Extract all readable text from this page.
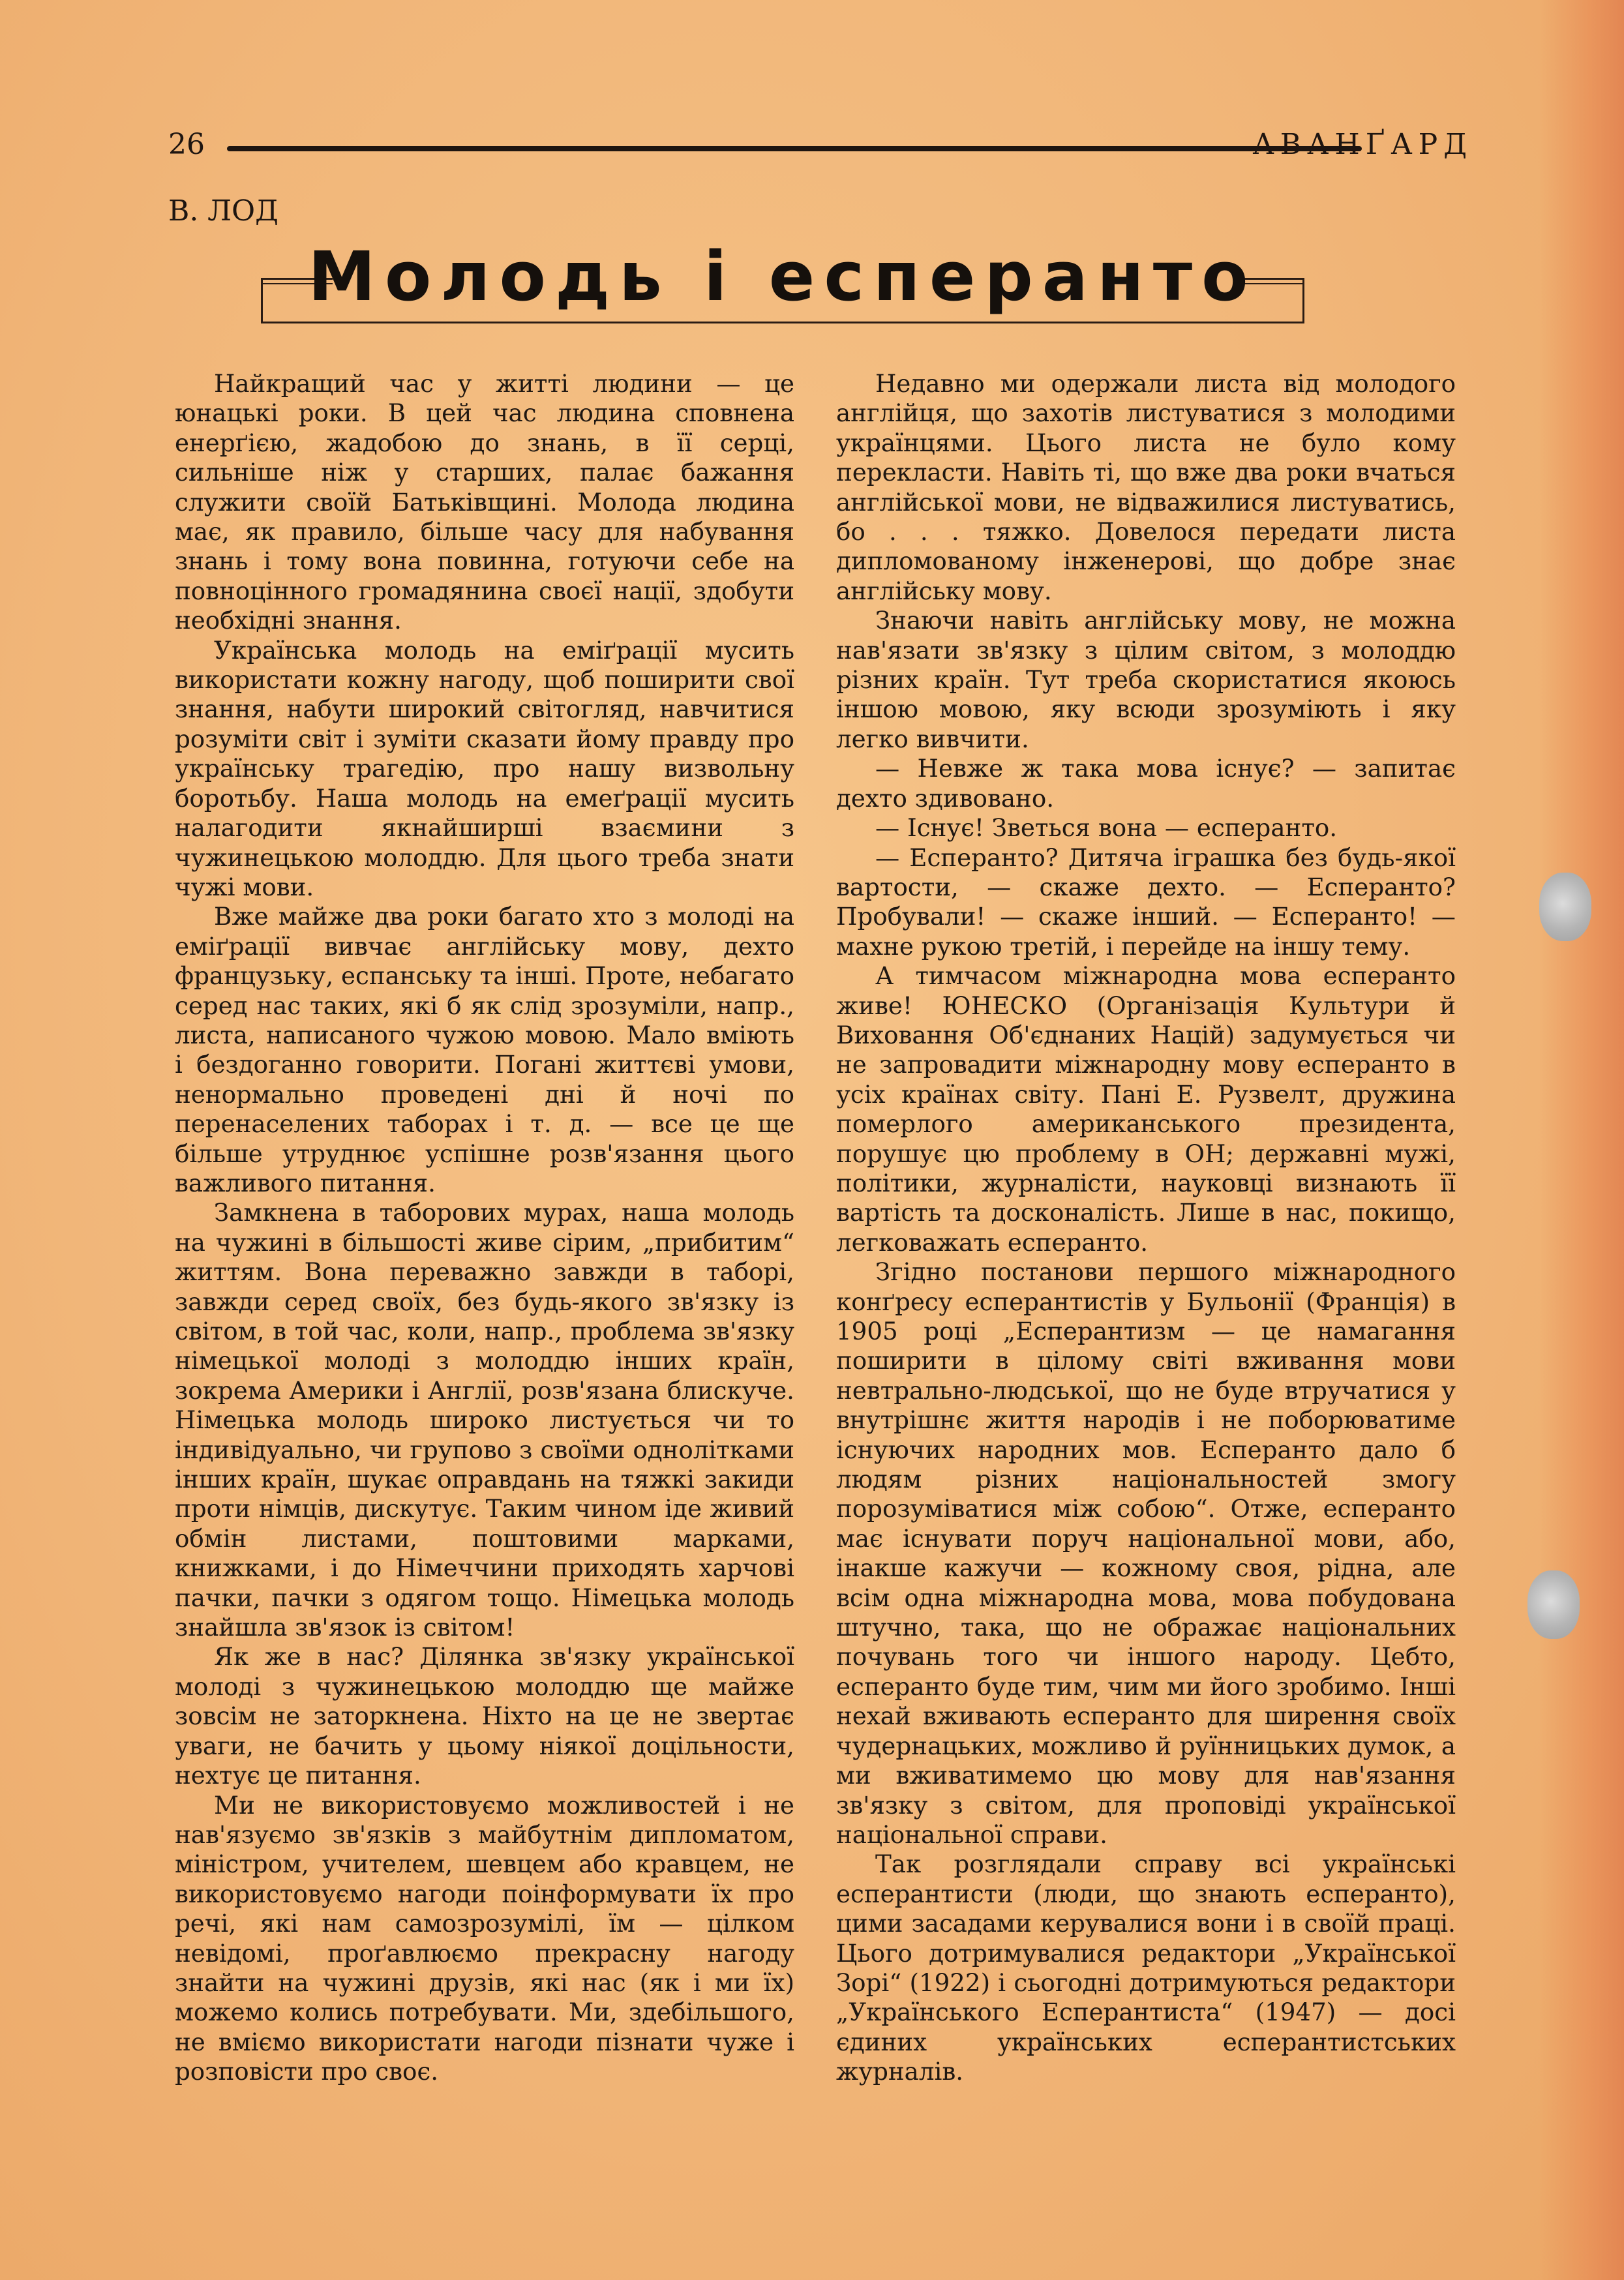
26	АВАНҐАРД
В. ЛОД
Молодь і есперанто

Найкращий час у житті людини — це юнацькі роки. В цей час людина сповнена енерґією, жадобою до знань, в її серці, сильніше ніж у старших, палає бажання служити своїй Батьківщині. Молода людина має, як правило, більше часу для набування знань і тому вона повинна, готуючи себе на повноцінного громадянина своєї нації, здобути необхідні знання.

Українська молодь на еміґрації мусить використати кожну нагоду, щоб поширити свої знання, набути широкий світогляд, навчитися розуміти світ і зуміти сказати йому правду про українську трагедію, про нашу визвольну боротьбу. Наша молодь на емеґрації мусить налагодити якнайширші взаємини з чужинецькою молоддю. Для цього треба знати чужі мови.

Вже майже два роки багато хто з молоді на еміґрації вивчає англійську мову, дехто французьку, еспанську та інші. Проте, небагато серед нас таких, які б як слід зрозуміли, напр., листа, написаного чужою мовою. Мало вміють і бездоганно говорити. Погані життєві умови, ненормально проведені дні й ночі по перенаселених таборах і т. д. — все це ще більше утруднює успішне розв'язання цього важливого питання.

Замкнена в таборових мурах, наша молодь на чужині в більшості живе сірим, „прибитим“ життям. Вона переважно завжди в таборі, завжди серед своїх, без будь-якого зв'язку із світом, в той час, коли, напр., проблема зв'язку німецької молоді з молоддю інших країн, зокрема Америки і Англії, розв'язана блискуче. Німецька молодь широко листується чи то індивідуально, чи групово з своїми одноліткaми інших країн, шукає оправдань на тяжкі закиди проти німців, дискутує. Таким чином іде живий обмін листами, поштовими марками, книжками, і до Німеччини приходять харчові пачки, пачки з одягом тощо. Німецька молодь знайшла зв'язок із світом!

Як же в нас? Ділянка зв'язку української молоді з чужинецькою молоддю ще майже зовсім не заторкнена. Ніхто на це не звертає уваги, не бачить у цьому ніякої доцільности, нехтує це питання.

Ми не використовуємо можливостей і не нав'язуємо зв'язків з майбутнім дипломатом, міністром, учителем, шевцем або кравцем, не використовуємо нагоди поінформувати їх про речі, які нам самозрозумілі, їм — цілком невідомі, проґавлюємо прекрасну нагоду знайти на чужині друзів, які нас (як і ми їх) можемо колись потребувати. Ми, здебільшого, не вміємо використати нагоди пізнати чуже і розповісти про своє.

Недавно ми одержали листа від молодого англійця, що захотів листуватися з молодими українцями. Цього листа не було кому перекласти. Навіть ті, що вже два роки вчаться англійської мови, не відважилися листуватись, бо . . . тяжко. Довелося передати листа дипломованому інженерові, що добре знає англійську мову.

Знаючи навіть англійську мову, не можна нав'язати зв'язку з цілим світом, з молоддю різних країн. Тут треба скористатися якоюсь іншою мовою, яку всюди зрозуміють і яку легко вивчити.

— Невже ж така мова існує? — запитає дехто здивовано.

— Існує! Зветься вона — есперанто.

— Есперанто? Дитяча іграшка без будь-якої вартости, — скаже дехто. — Есперанто? Пробували! — скаже інший. — Есперанто! — махне рукою третій, і перейде на іншу тему.

А тимчасом міжнародна мова есперанто живе! ЮНЕСКО (Організація Культури й Виховання Об'єднаних Націй) задумується чи не запровадити міжнародну мову есперанто в усіх країнах світу. Пані Е. Рузвелт, дружина померлого американського президента, порушує цю проблему в ОН; державні мужі, політики, журналісти, науковці визнають її вартість та досконалість. Лише в нас, покищо, легковажать есперанто.

Згідно постанови першого міжнародного конґресу есперантистів у Бульонії (Франція) в 1905 році „Есперантизм — це намагання поширити в цілому світі вживання мови невтрально-людської, що не буде втручатися у внутрішнє життя народів і не поборюватиме існуючих народних мов. Есперанто дало б людям різних національностей змогу порозуміватися між собою“. Отже, есперанто має існувати поруч національної мови, або, інакше кажучи — кожному своя, рідна, але всім одна міжнародна мова, мова побудована штучно, така, що не ображає національних почувань того чи іншого народу. Цебто, есперанто буде тим, чим ми його зробимо. Інші нехай вживають есперанто для ширення своїх чудернацьких, можливо й руїнницьких думок, а ми вживатимемо цю мову для нав'язання зв'язку з світом, для проповіді української національної справи.

Так розглядали справу всі українські есперантисти (люди, що знають есперанто), цими засадами керувалися вони і в своїй праці. Цього дотримувалися редактори „Української Зорі“ (1922) і сьогодні дотримуються редактори „Українського Есперантиста“ (1947) — досі єдиних українських есперантистських журналів.
